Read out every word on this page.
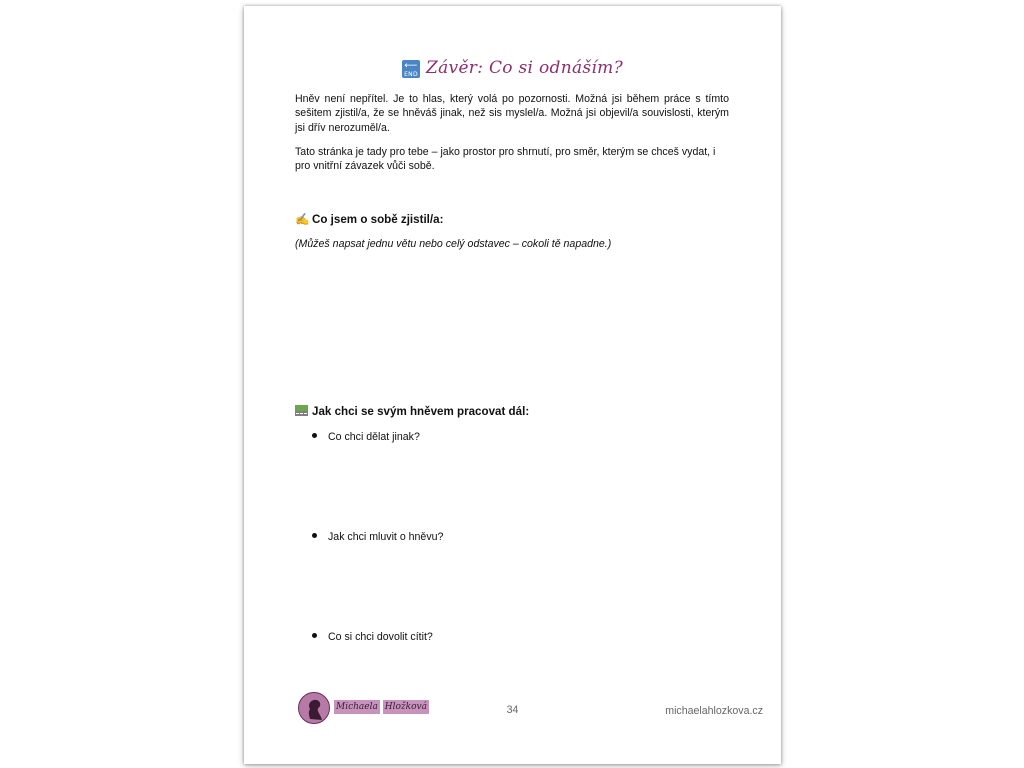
⟵
END Závěr: Co si odnáším?
Hněv není nepřítel. Je to hlas, který volá po pozornosti. Možná jsi během práce s tímto sešitem zjistil/a, že se hněváš jinak, než sis myslel/a. Možná jsi objevil/a souvislosti, kterým jsi dřív nerozuměl/a.
Tato stránka je tady pro tebe – jako prostor pro shrnutí, pro směr, kterým se chceš vydat, i pro vnitřní závazek vůči sobě.
✍ Co jsem o sobě zjistil/a:
(Můžeš napsat jednu větu nebo celý odstavec – cokoli tě napadne.)
Jak chci se svým hněvem pracovat dál:
Co chci dělat jinak?
Jak chci mluvit o hněvu?
Co si chci dovolit cítit?
Michaela Hložková	34	michaelahlozkova.cz
